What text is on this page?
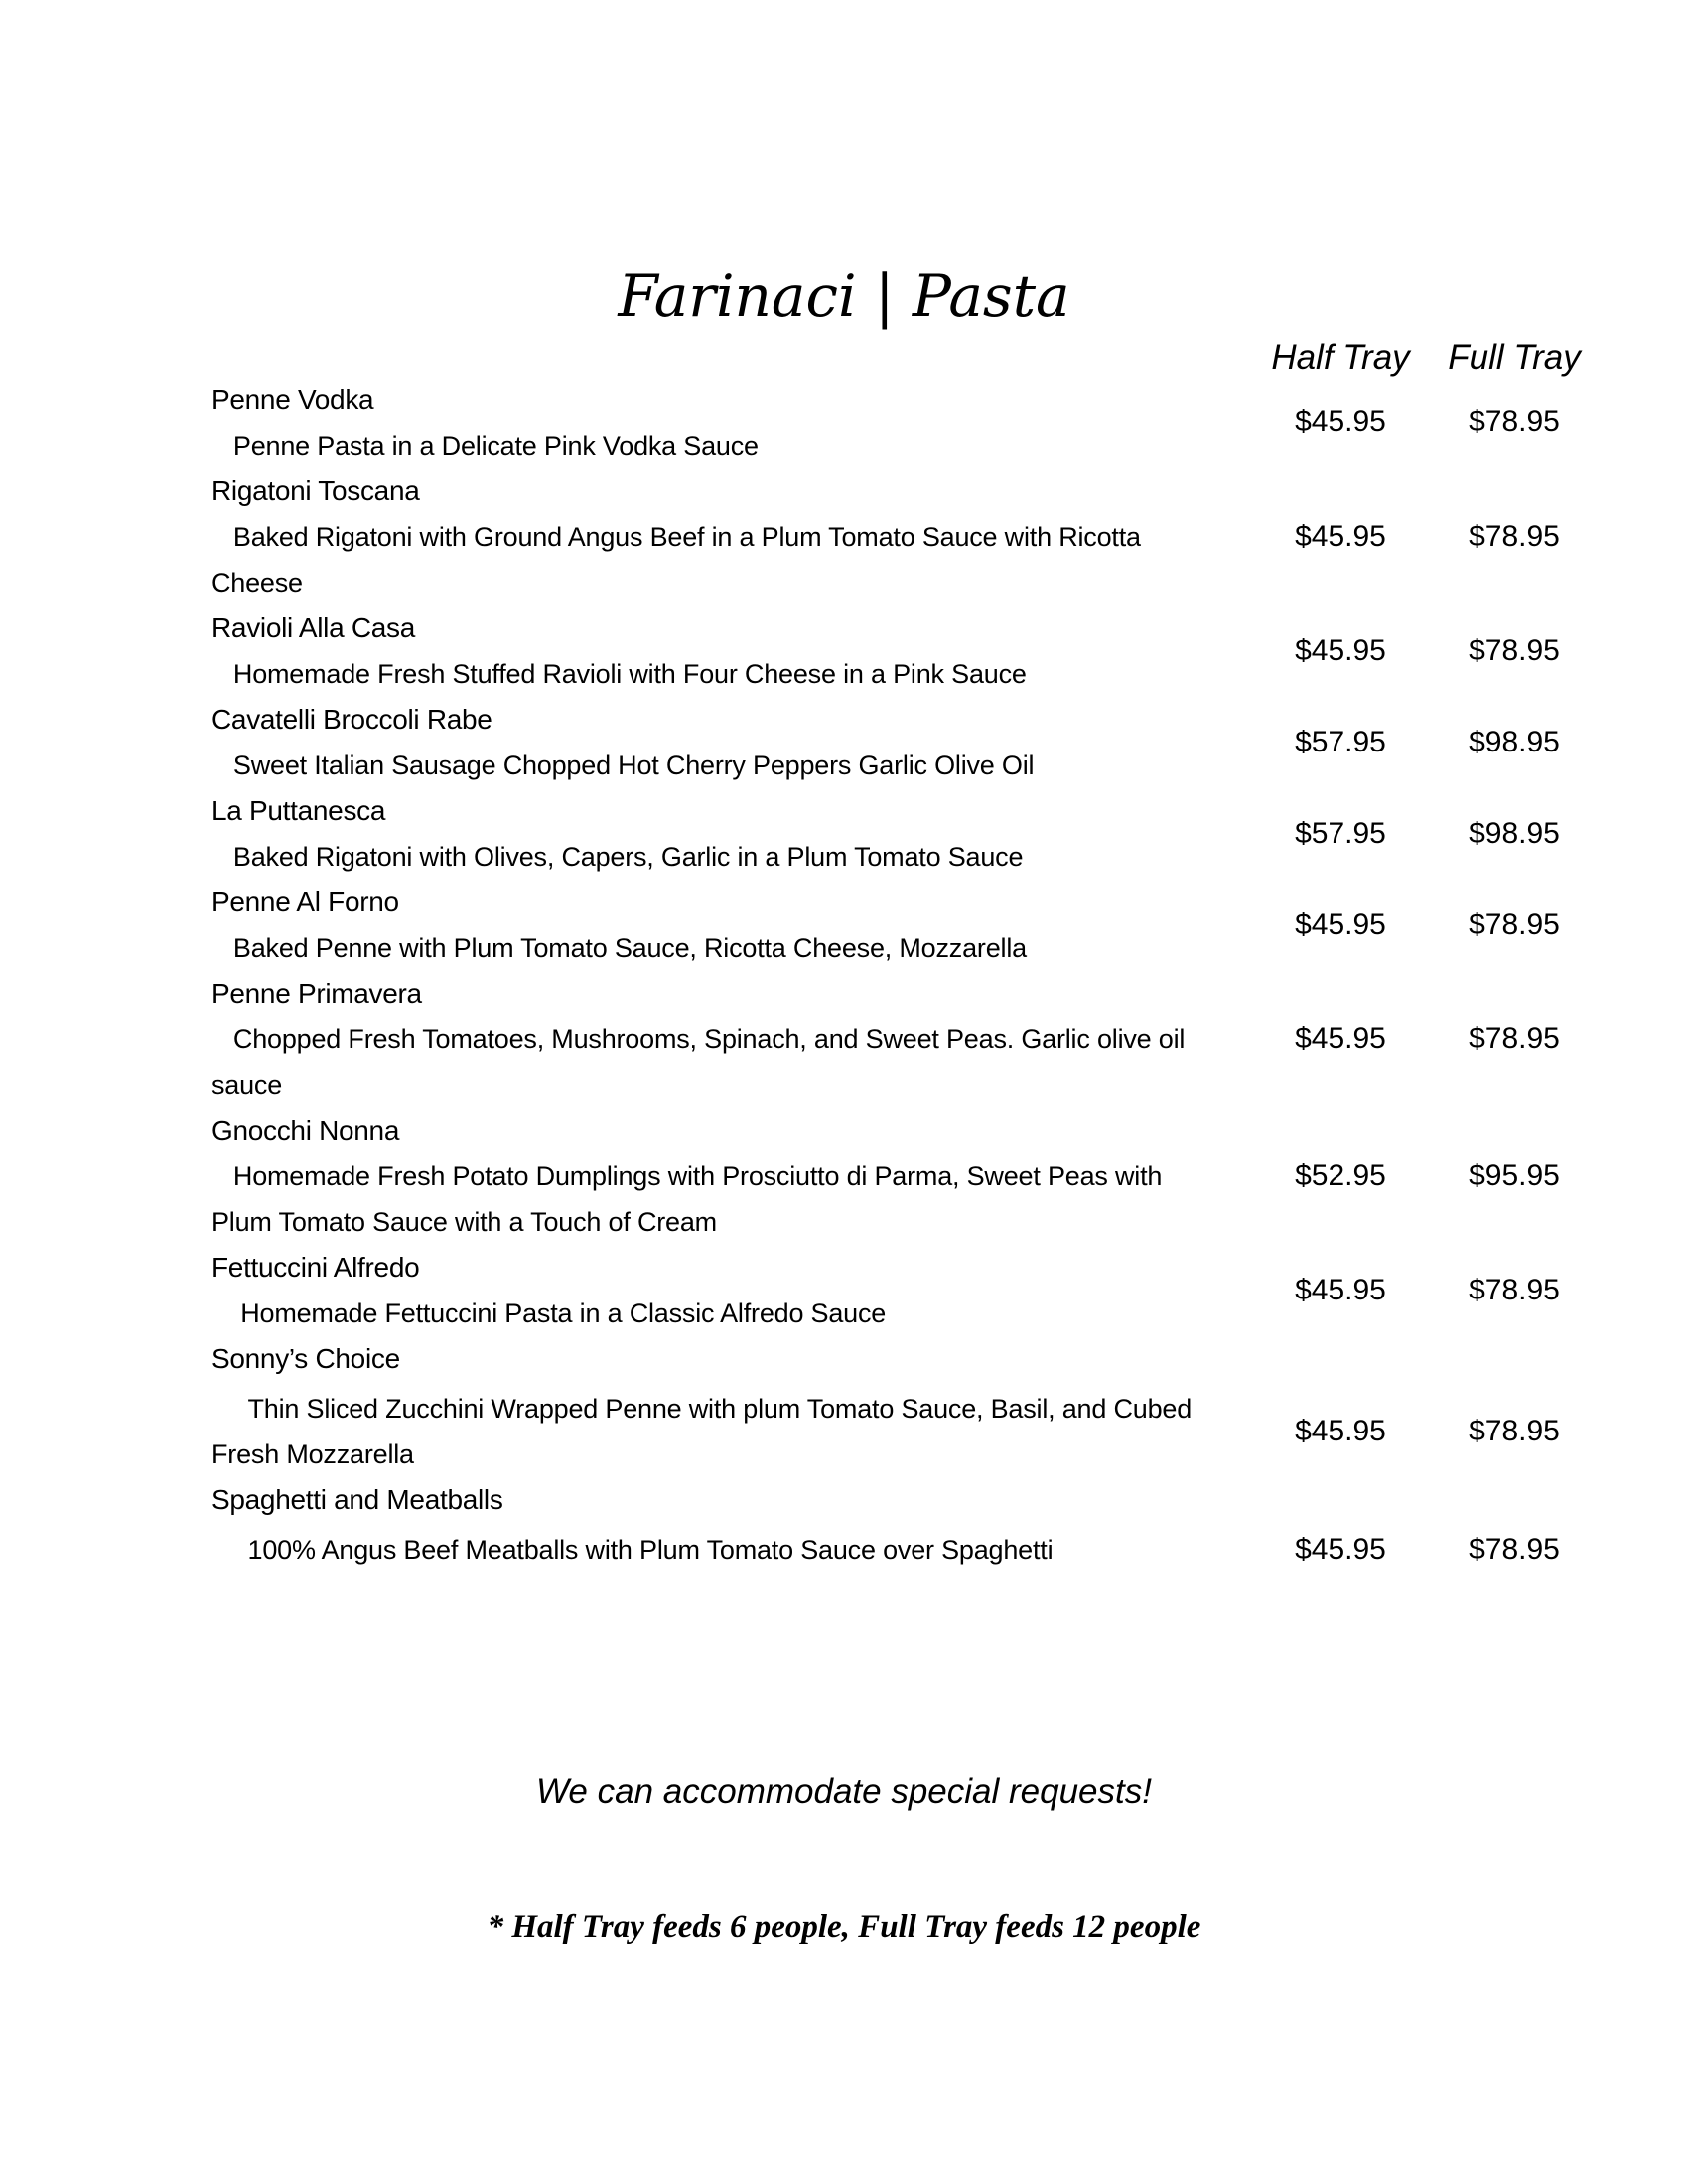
Farinaci | Pasta
Half Tray	Full Tray
Penne Vodka
Penne Pasta in a Delicate Pink Vodka Sauce
$45.95	$78.95
Rigatoni Toscana
Baked Rigatoni with Ground Angus Beef in a Plum Tomato Sauce with Ricotta Cheese
$45.95	$78.95
Ravioli Alla Casa
Homemade Fresh Stuffed Ravioli with Four Cheese in a Pink Sauce
$45.95	$78.95
Cavatelli Broccoli Rabe
Sweet Italian Sausage Chopped Hot Cherry Peppers Garlic Olive Oil
$57.95	$98.95
La Puttanesca
Baked Rigatoni with Olives, Capers, Garlic in a Plum Tomato Sauce
$57.95	$98.95
Penne Al Forno
Baked Penne with Plum Tomato Sauce, Ricotta Cheese, Mozzarella
$45.95	$78.95
Penne Primavera
Chopped Fresh Tomatoes, Mushrooms, Spinach, and Sweet Peas. Garlic olive oil sauce
$45.95	$78.95
Gnocchi Nonna
Homemade Fresh Potato Dumplings with Prosciutto di Parma, Sweet Peas with Plum Tomato Sauce with a Touch of Cream
$52.95	$95.95
Fettuccini Alfredo
Homemade Fettuccini Pasta in a Classic Alfredo Sauce
$45.95	$78.95
Sonny’s Choice
Thin Sliced Zucchini Wrapped Penne with plum Tomato Sauce, Basil, and Cubed Fresh Mozzarella
$45.95	$78.95
Spaghetti and Meatballs
100% Angus Beef Meatballs with Plum Tomato Sauce over Spaghetti	$45.95	$78.95
We can accommodate special requests!
* Half Tray feeds 6 people, Full Tray feeds 12 people
